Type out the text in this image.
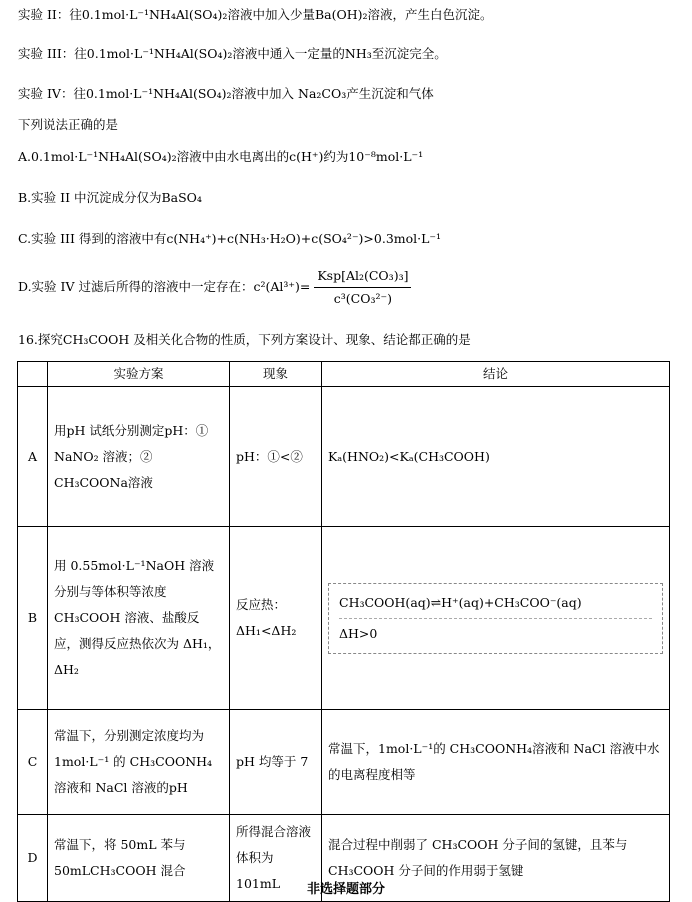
实验 II：往0.1mol·L⁻¹NH₄Al(SO₄)₂溶液中加入少量Ba(OH)₂溶液，产生白色沉淀。
实验 III：往0.1mol·L⁻¹NH₄Al(SO₄)₂溶液中通入一定量的NH₃至沉淀完全。
实验 IV：往0.1mol·L⁻¹NH₄Al(SO₄)₂溶液中加入 Na₂CO₃产生沉淀和气体
下列说法正确的是
A.0.1mol·L⁻¹NH₄Al(SO₄)₂溶液中由水电离出的c(H⁺)约为10⁻⁸mol·L⁻¹
B.实验 II 中沉淀成分仅为BaSO₄
C.实验 III 得到的溶液中有c(NH₄⁺)+c(NH₃·H₂O)+c(SO₄²⁻)>0.3mol·L⁻¹
D.实验 IV 过滤后所得的溶液中一定存在：$c^2(Al^{3+})= \frac{\text{Ksp[Al₂(CO₃)₃]}}{\text{c³(CO₃²⁻)}}$
16.探究CH₃COOH 及相关化合物的性质，下列方案设计、现象、结论都正确的是
	实验方案	现象	结论
A	用pH 试纸分别测定pH：① NaNO₂ 溶液；② CH₃COONa溶液	pH：①<②	Kₐ(HNO₂)<Kₐ(CH₃COOH)
B	用 0.55mol·L⁻¹NaOH 溶液分别与等体积等浓度CH₃COOH 溶液、盐酸反应，测得反应热依次为 ΔH₁，ΔH₂	反应热：ΔH₁<ΔH₂	CH₃COOH(aq)⇌H⁺(aq)+CH₃COO⁻(aq)
ΔH>0

C	常温下，分别测定浓度均为1mol·L⁻¹ 的 CH₃COONH₄溶液和 NaCl 溶液的pH	pH 均等于 7	常温下，1mol·L⁻¹的 CH₃COONH₄溶液和 NaCl 溶液中水的电离程度相等
D	常温下，将 50mL 苯与50mLCH₃COOH 混合	所得混合溶液体积为101mL	混合过程中削弱了 CH₃COOH 分子间的氢键，且苯与CH₃COOH 分子间的作用弱于氢键
非选择题部分
